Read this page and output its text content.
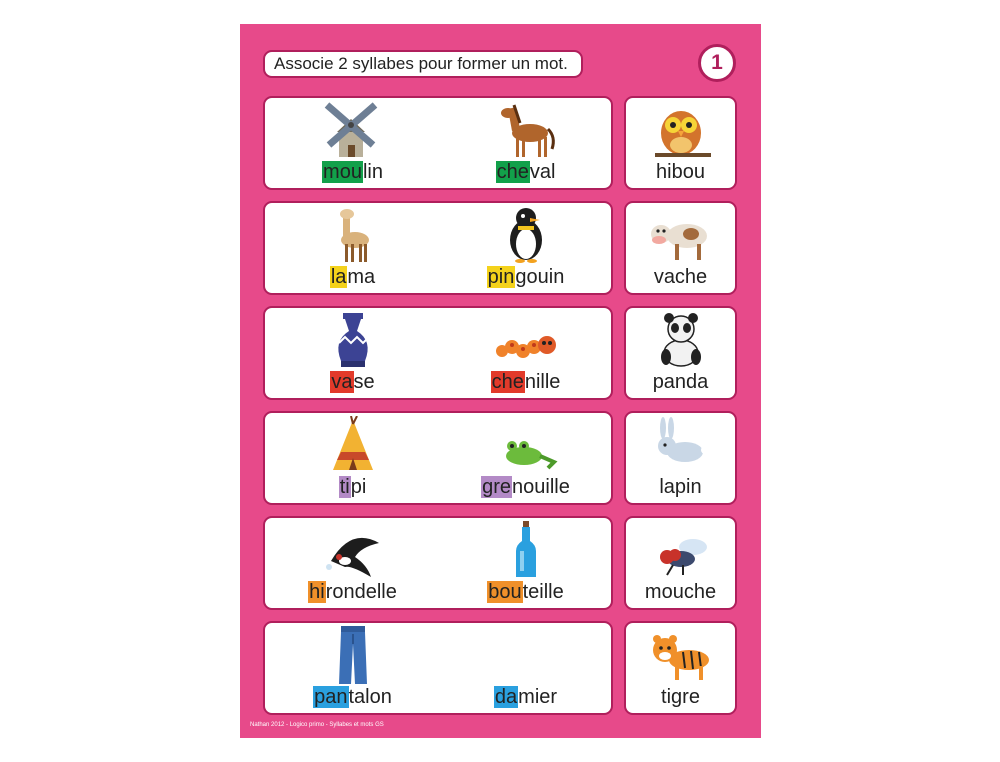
Associe 2 syllabes pour former un mot.	1
moulin	cheval	hibou
lama	pingouin	vache
vase	chenille	panda
tipi	grenouille	lapin
hirondelle	bouteille	mouche
pantalon	damier	tigre
Nathan 2012 - Logico primo - Syllabes et mots GS
